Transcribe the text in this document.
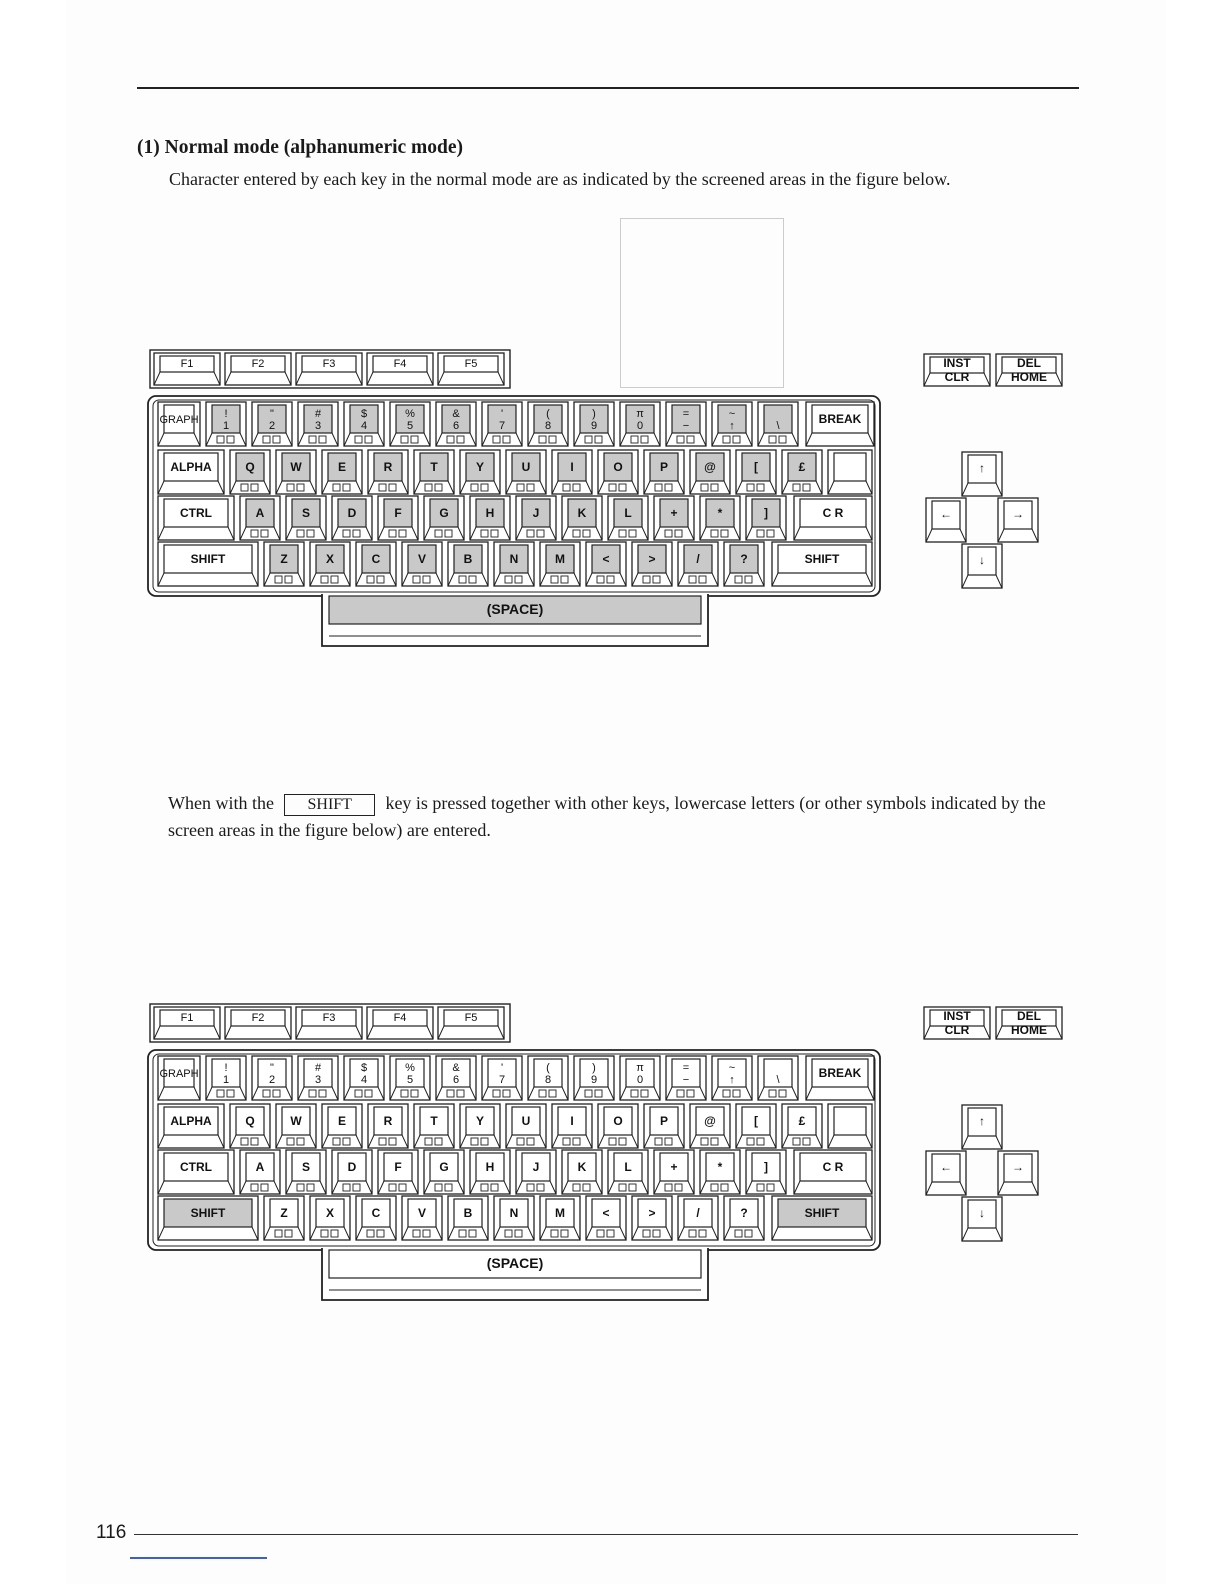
(1) Normal mode (alphanumeric mode)
Character entered by each key in the normal mode are as indicated by the screened areas in the figure below.
F1	F2	F3	F4	F5
GRAPH !
1
"
2
#
3
$
4
%
5
&
6
'
7
(
8
)
9
π
0
=
−
~
↑	\	BREAK
ALPHA	Q	W	E	R	T	Y	U	I	O	P	@	[	£
CTRL	A	S	D	F	G	H	J	K	L	+	*	]	C R
SHIFT	Z	X	C	V	B	N	M	<	>	/	?	SHIFT
(SPACE)
INST
CLR
DEL
HOME
↑
←	→
↓
When with the SHIFT key is pressed together with other keys, lowercase letters (or other symbols indicated by the screen areas in the figure below) are entered.
F1	F2	F3	F4	F5
GRAPH !
1
"
2
#
3
$
4
%
5
&
6
'
7
(
8
)
9
π
0
=
−
~
↑	\	BREAK
ALPHA	Q	W	E	R	T	Y	U	I	O	P	@	[	£
CTRL	A	S	D	F	G	H	J	K	L	+	*	]	C R
SHIFT	Z	X	C	V	B	N	M	<	>	/	?	SHIFT
(SPACE)
INST
CLR
DEL
HOME
↑
←	→
↓
116
